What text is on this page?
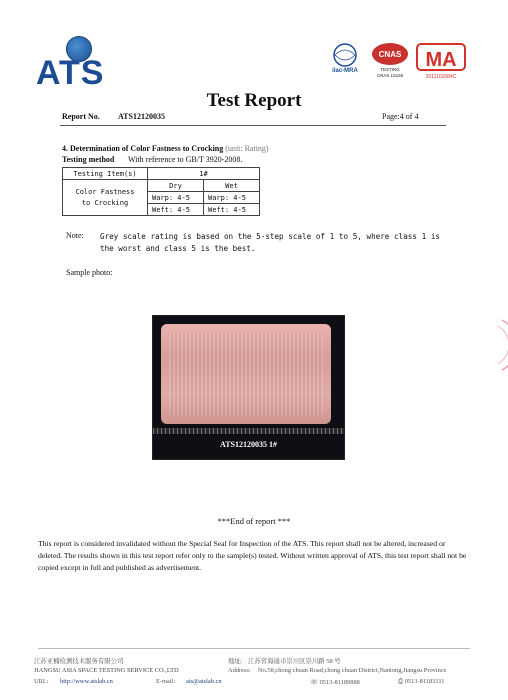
ATS	ilac-MRA
CNAS
TESTING
CNAS L5155
MA
2011101584C
Test Report
Report No. ATS12120035	Page:4 of 4
4. Determination of Color Fastness to Crocking (unit: Rating)
Testing method With reference to GB/T 3920-2008.
Testing Item(s)	1#	

Color Fastness
to Crocking	Dry	Wet
	Warp: 4-5	Warp: 4-5
	Weft: 4-5	Weft: 4-5
Note: Grey scale rating is based on the 5-step scale of 1 to 5, where class 1 is the worst and class 5 is the best.
Sample photo:
ATS12120035 1#
***End of report ***
This report is considered invalidated without the Special Seal for Inspection of the ATS. This report shall not be altered, increased or deleted. The results shown in this test report refer only to the sample(s) tested. Without written approval of ATS, this test report shall not be copied except in full and published as advertisement.
江苏亚楠检测技术服务有限公司
JIANGSU ASIA SPACE TESTING SERVICE CO.,LTD
URL: http://www.atslab.cn	E-mail: ats@atslab.cn
地址: 江苏省海通市崇川区崇川路 58 号
Address: No.58,chong chuan Road,chong chuan District,Nantong,Jiangsu Province
☏ 0513-81189888	⎙ 0513-81183111
